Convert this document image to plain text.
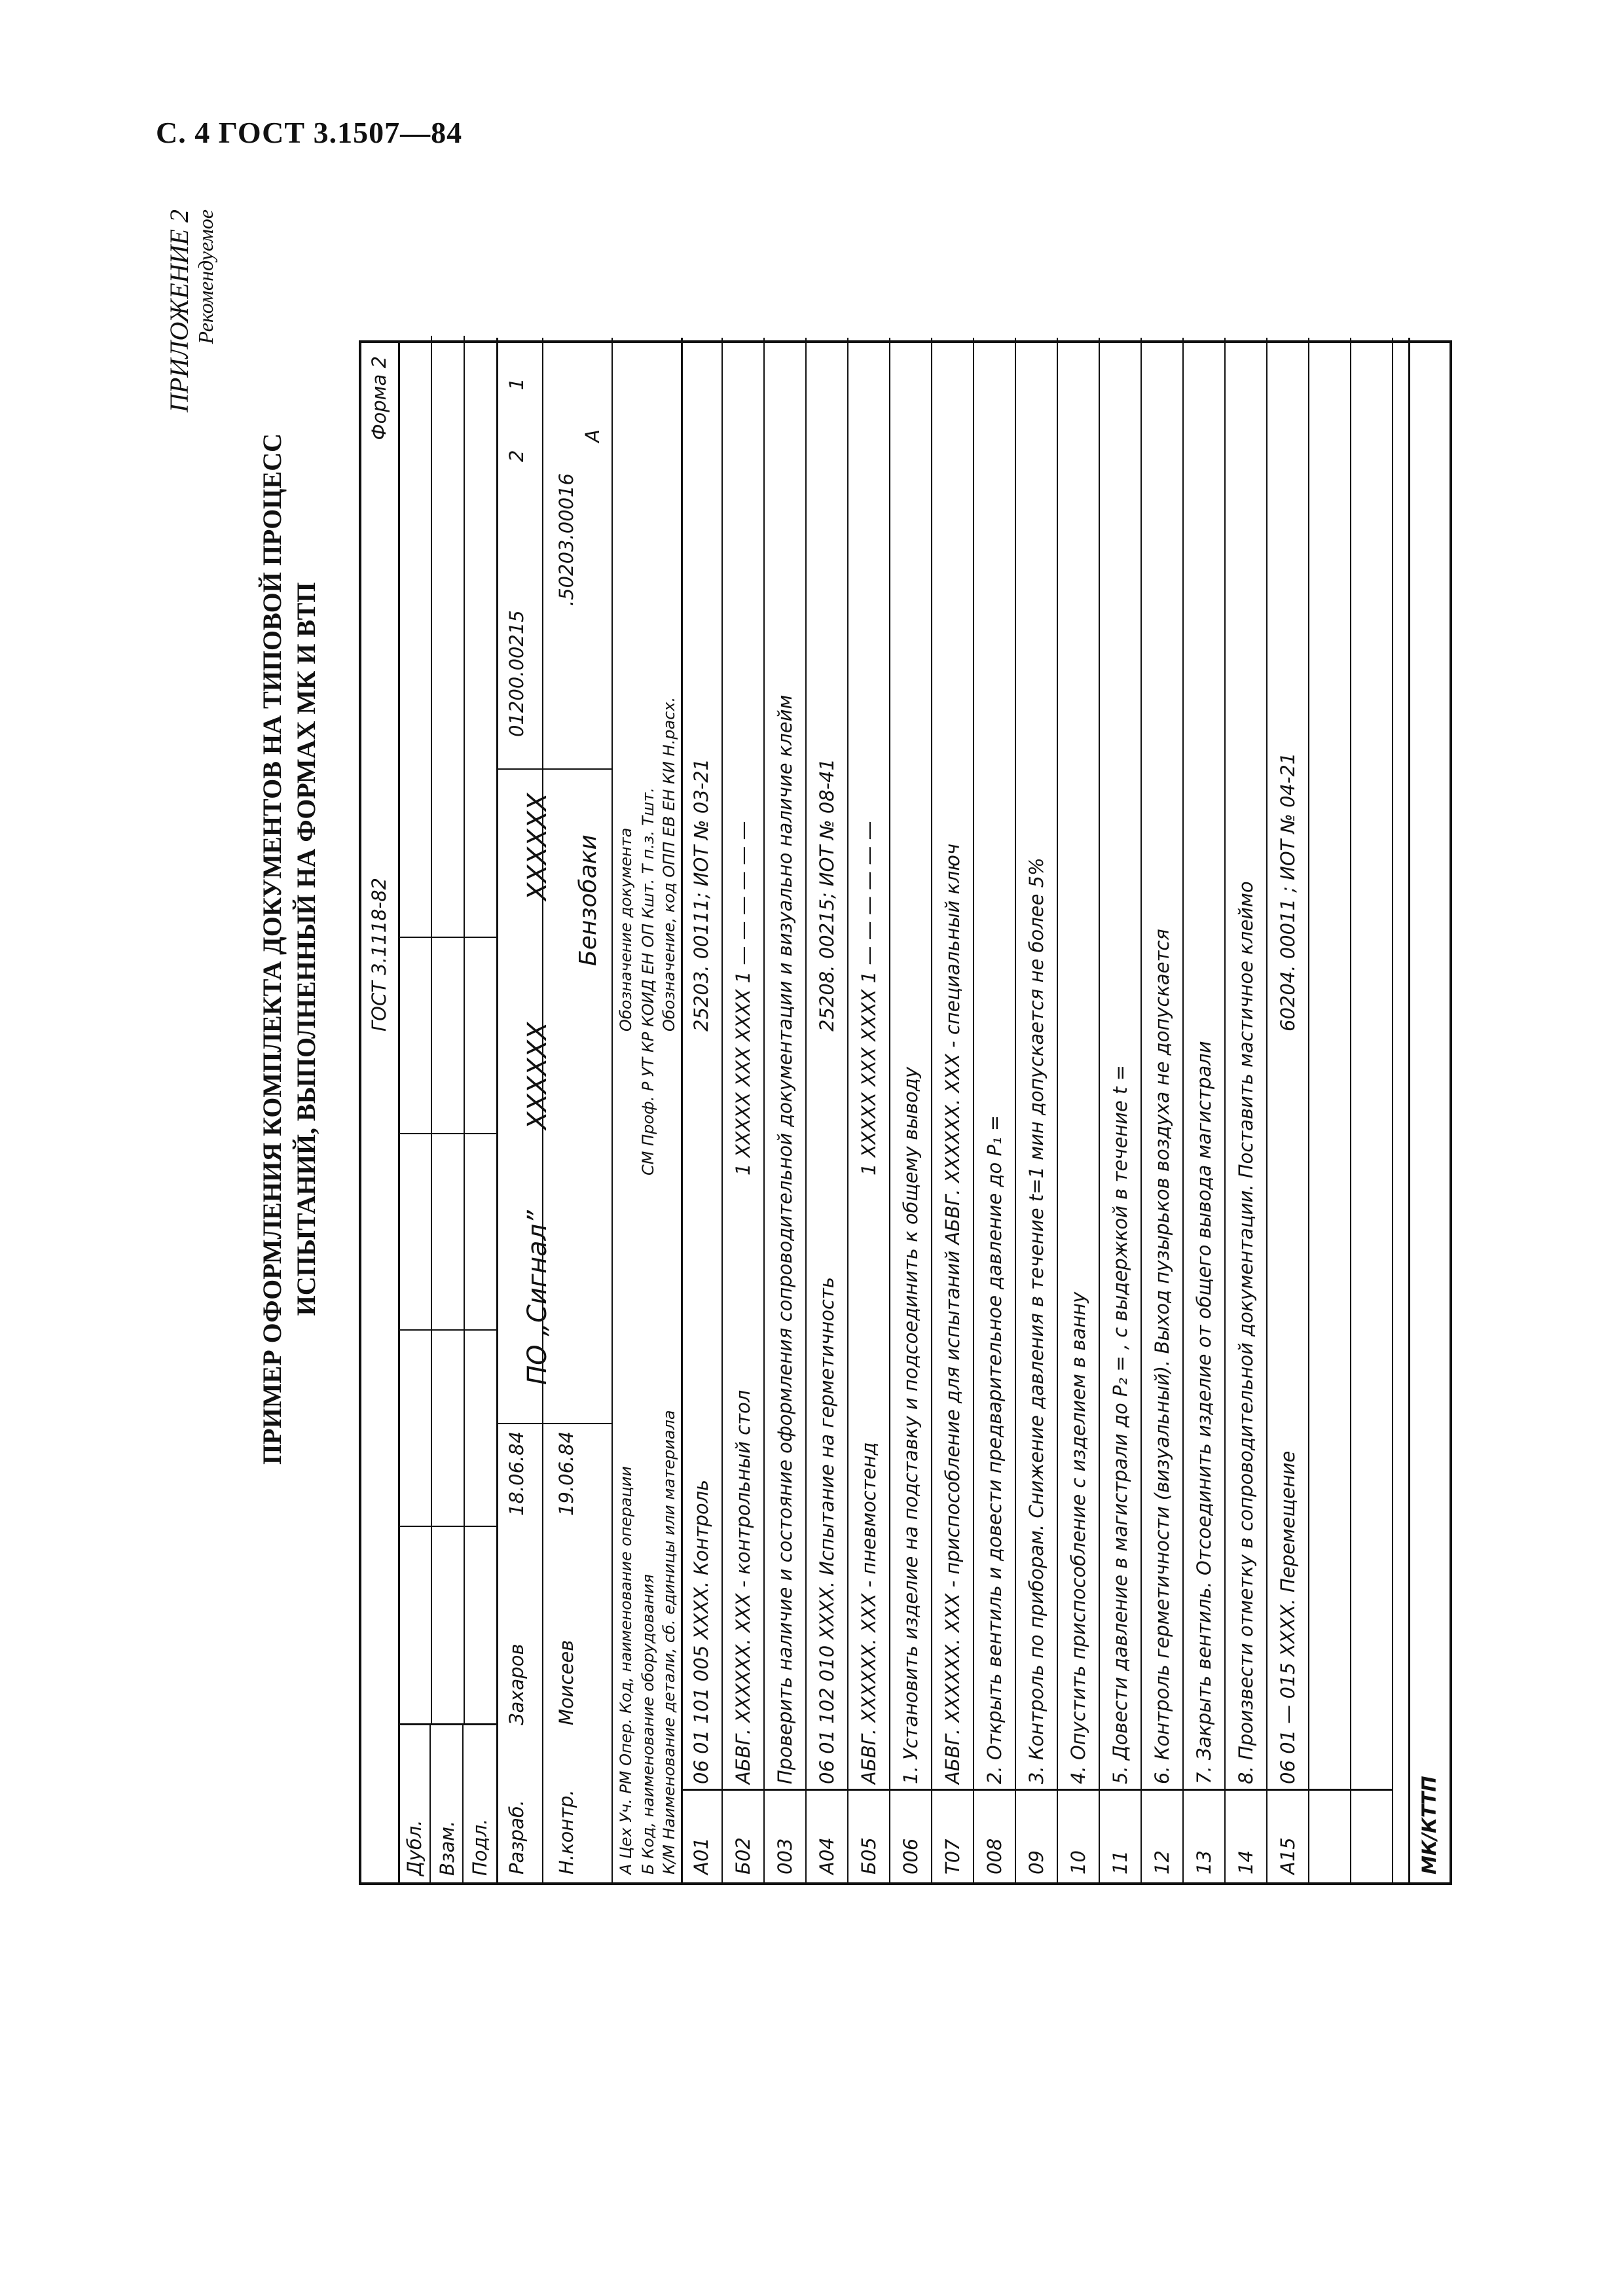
С. 4 ГОСТ 3.1507—84
ПРИЛОЖЕНИЕ 2 Рекомендуемое
ПРИМЕР ОФОРМЛЕНИЯ КОМПЛЕКТА ДОКУМЕНТОВ НА ТИПОВОЙ ПРОЦЕСС ИСПЫТАНИЙ, ВЫПОЛНЕННЫЙ НА ФОРМАХ МК И ВТП ГОСТ 3.1118-82
Форма 2
Дубл. Взам. Подл. Разраб.
Захаров
18.06.84
Н.контр.
Моисеев
19.06.84
ПО „Сигнал”
XXXXXX
XXXXXX
01200.00215
2
1
Бензобаки
.50203.00016
А
А Цех Уч. РМ Опер. Код, наименование операции
Обозначение документа
Б Код, наименование оборудования
СМ Проф. Р УТ КР КОИД ЕН ОП Кшт. Т п.з. Тшт.
К/М Наименование детали, сб. единицы или материала
Обозначение, код ОПП ЕВ ЕН КИ Н.расх.
А01
06 01 101 005 XXXX. Контроль
25203. 00111; ИОТ № 03-21
Б02
АБВГ. XXXXXX. XXX - контрольный стол
1 XXXXX XXX XXXX 1 — — — — — —
003
Проверить наличие и состояние оформления сопроводительной документации и визуально наличие клейм
А04
06 01 102 010 XXXX. Испытание на герметичность
25208. 00215; ИОТ № 08-41
Б05
АБВГ. XXXXXX. XXX - пневмостенд
1 XXXXX XXX XXXX 1 — — — — — —
006
1. Установить изделие на подставку и подсоединить к общему выводу
Т07
АБВГ. XXXXXX. XXX - приспособление для испытаний АБВГ. XXXXXX. XXX - специальный ключ
008
2. Открыть вентиль и довести предварительное давление до P₁ =
09
3. Контроль по приборам. Снижение давления в течение t=1 мин допускается не более 5%
10
4. Опустить приспособление с изделием в ванну
11
5. Довести давление в магистрали до P₂ = , с выдержкой в течение t =
12
6. Контроль герметичности (визуальный). Выход пузырьков воздуха не допускается
13
7. Закрыть вентиль. Отсоединить изделие от общего вывода магистрали
14
8. Произвести отметку в сопроводительной документации. Поставить мастичное клеймо
А15
06 01 — 015 XXXX. Перемещение
60204. 00011 ; ИОТ № 04-21
МК/КТТП
